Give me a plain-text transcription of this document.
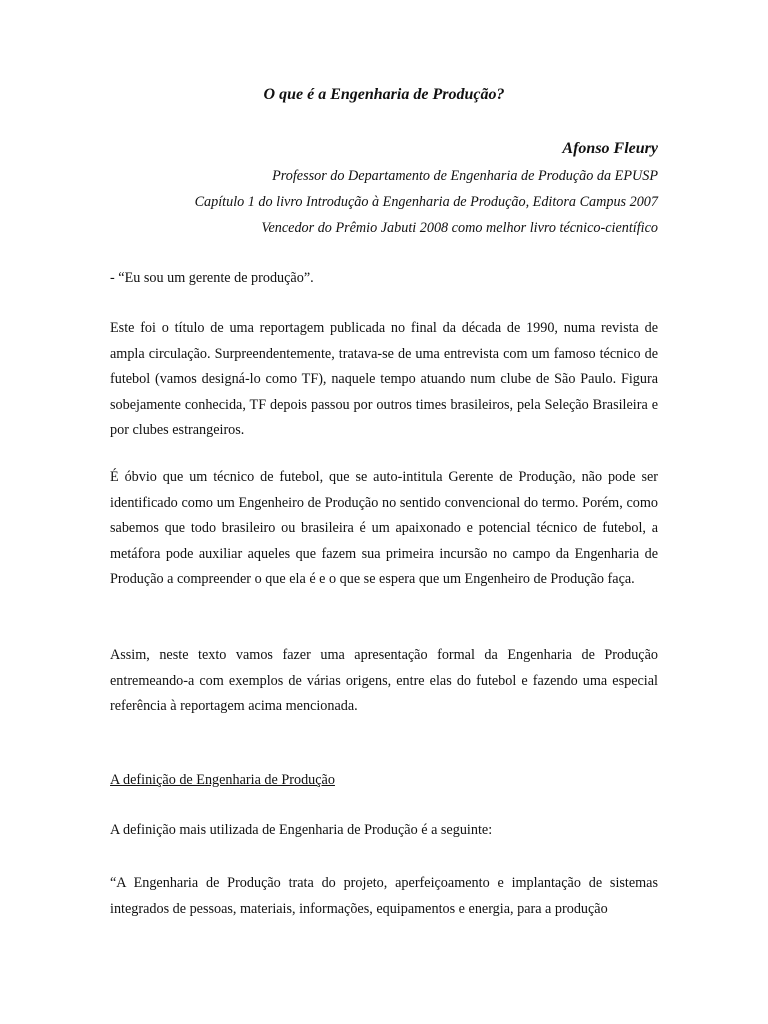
O que é a Engenharia de Produção?

Afonso Fleury

Professor do Departamento de Engenharia de Produção da EPUSP

Capítulo 1 do livro Introdução à Engenharia de Produção, Editora Campus 2007

Vencedor do Prêmio Jabuti 2008 como melhor livro técnico-científico

- “Eu sou um gerente de produção”.

Este foi o título de uma reportagem publicada no final da década de 1990, numa revista de ampla circulação. Surpreendentemente, tratava-se de uma entrevista com um famoso técnico de futebol (vamos designá-lo como TF), naquele tempo atuando num clube de São Paulo. Figura sobejamente conhecida, TF depois passou por outros times brasileiros, pela Seleção Brasileira e por clubes estrangeiros.

É óbvio que um técnico de futebol, que se auto-intitula Gerente de Produção, não pode ser identificado como um Engenheiro de Produção no sentido convencional do termo. Porém, como sabemos que todo brasileiro ou brasileira é um apaixonado e potencial técnico de futebol, a metáfora pode auxiliar aqueles que fazem sua primeira incursão no campo da Engenharia de Produção a compreender o que ela é e o que se espera que um Engenheiro de Produção faça.

Assim, neste texto vamos fazer uma apresentação formal da Engenharia de Produção entremeando-a com exemplos de várias origens, entre elas do futebol e fazendo uma especial referência à reportagem acima mencionada.

A definição de Engenharia de Produção

A definição mais utilizada de Engenharia de Produção é a seguinte:

“A Engenharia de Produção trata do projeto, aperfeiçoamento e implantação de sistemas integrados de pessoas, materiais, informações, equipamentos e energia, para a produção
